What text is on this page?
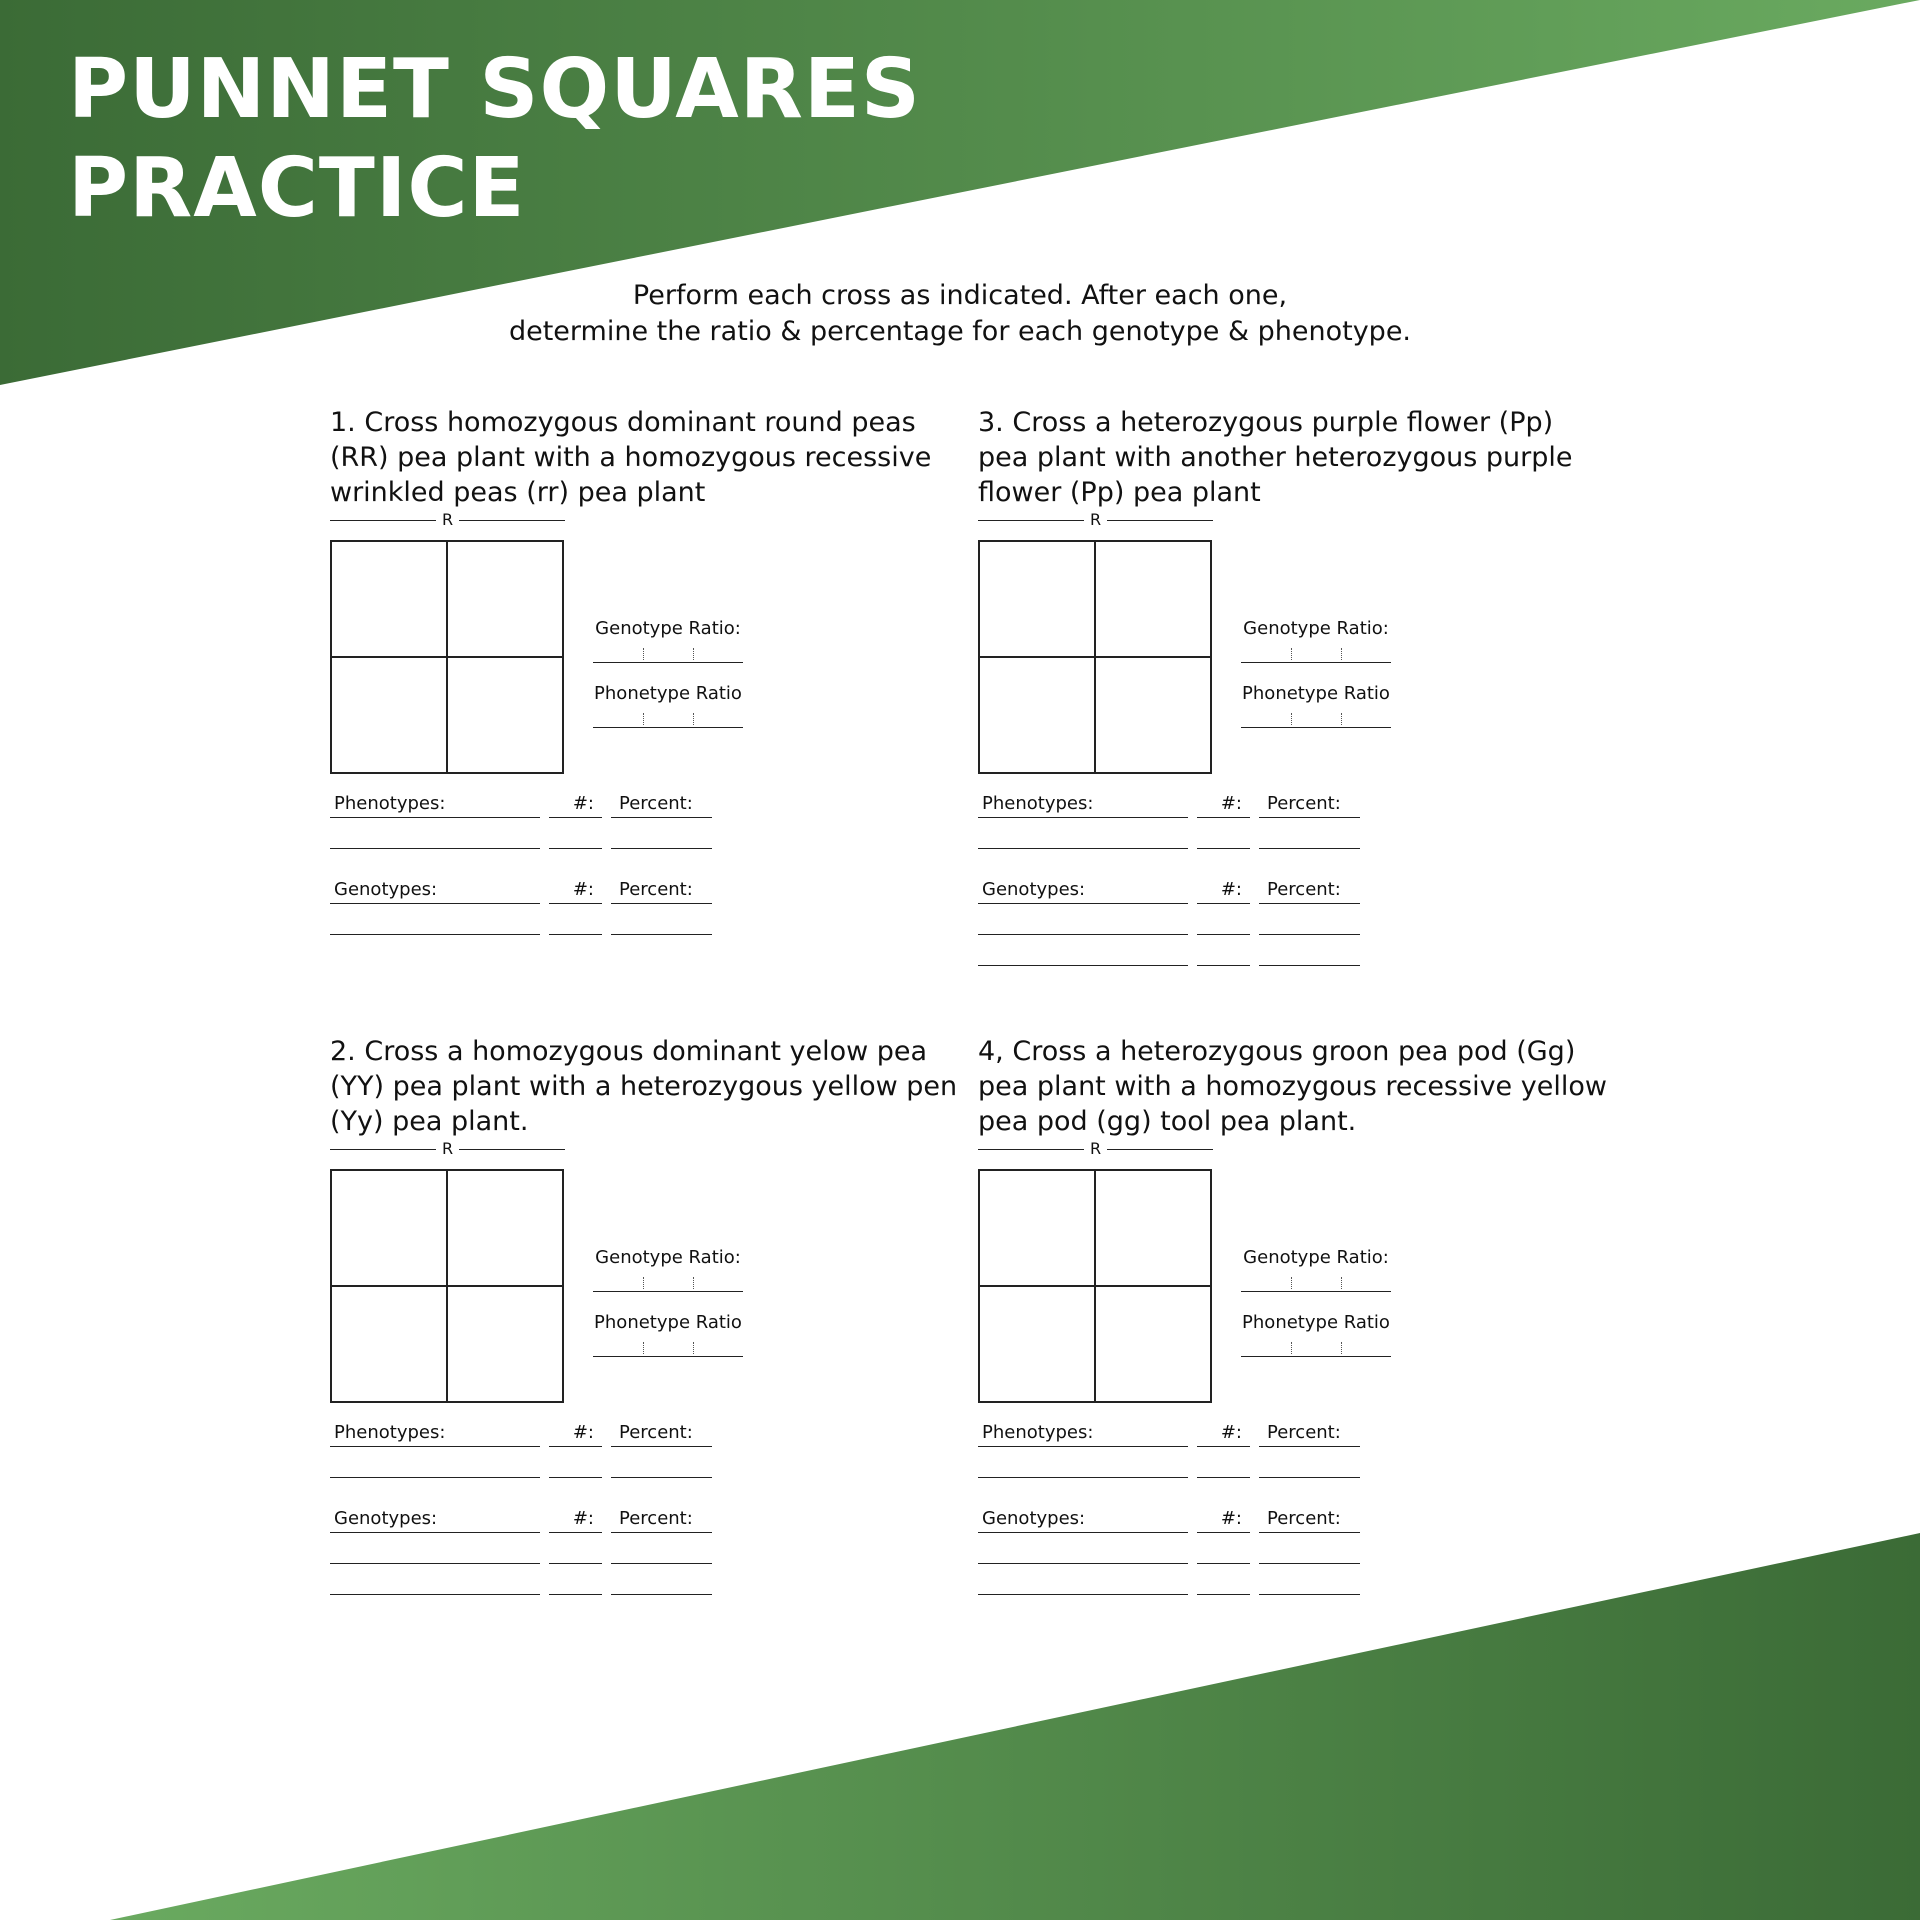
PUNNET SQUARES
PRACTICE

Perform each cross as indicated. After each one,
determine the ratio & percentage for each genotype & phenotype.

1. Cross homozygous dominant round peas (RR) pea plant with a homozygous recessive wrinkled peas (rr) pea plant

R
Genotype Ratio:
Phonetype Ratio
Phenotypes:	#:	Percent:
Genotypes:	#:	Percent:

2. Cross a homozygous dominant yelow pea (YY) pea plant with a heterozygous yellow pen (Yy) pea plant.

R
Genotype Ratio:
Phonetype Ratio
Phenotypes:	#:	Percent:
Genotypes:	#:	Percent:

3. Cross a heterozygous purple flower (Pp) pea plant with another heterozygous purple flower (Pp) pea plant

R
Genotype Ratio:
Phonetype Ratio
Phenotypes:	#:	Percent:
Genotypes:	#:	Percent:

4, Cross a heterozygous groon pea pod (Gg) pea plant with a homozygous recessive yellow pea pod (gg) tool pea plant.

R
Genotype Ratio:
Phonetype Ratio
Phenotypes:	#:	Percent:
Genotypes:	#:	Percent:
